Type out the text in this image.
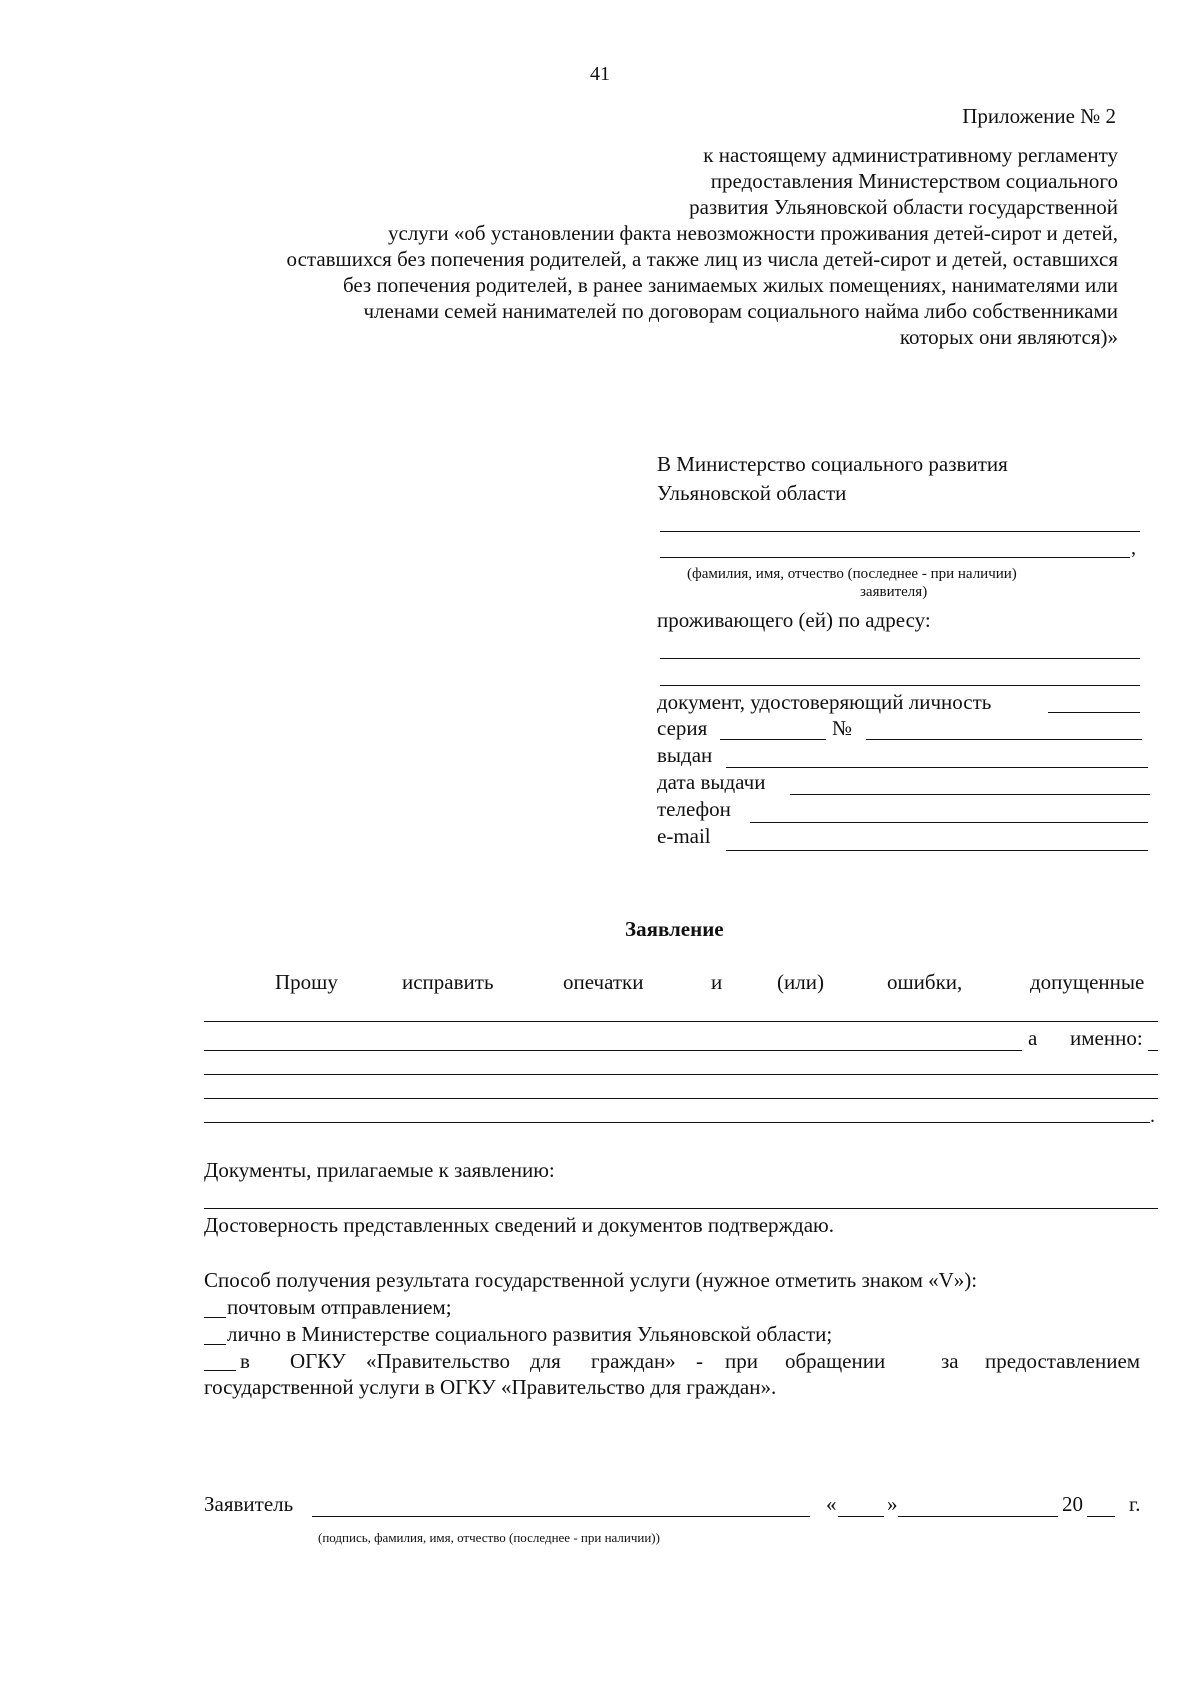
41
Приложение № 2
к настоящему административному регламенту
предоставления Министерством социального
развития Ульяновской области государственной
услуги «об установлении факта невозможности проживания детей-сирот и детей,
оставшихся без попечения родителей, а также лиц из числа детей-сирот и детей, оставшихся
без попечения родителей, в ранее занимаемых жилых помещениях, нанимателями или
членами семей нанимателей по договорам социального найма либо собственниками
которых они являются)»
В Министерство социального развития
Ульяновской области
,
(фамилия, имя, отчество (последнее - при наличии)
заявителя)
проживающего (ей) по адресу:
документ, удостоверяющий личность
серия	№
выдан
дата выдачи
телефон
e-mail
Заявление
Прошу	исправить	опечатки	и	(или)	ошибки,	допущенные
а именно:
.
Документы, прилагаемые к заявлению:
Достоверность представленных сведений и документов подтверждаю.
Способ получения результата государственной услуги (нужное отметить знаком «V»):
почтовым отправлением;
лично в Министерстве социального развития Ульяновской области;
в ОГКУ «Правительство для граждан» - при обращении	за предоставлением
государственной услуги в ОГКУ «Правительство для граждан».
Заявитель	« »	20 г.
(подпись, фамилия, имя, отчество (последнее - при наличии))
